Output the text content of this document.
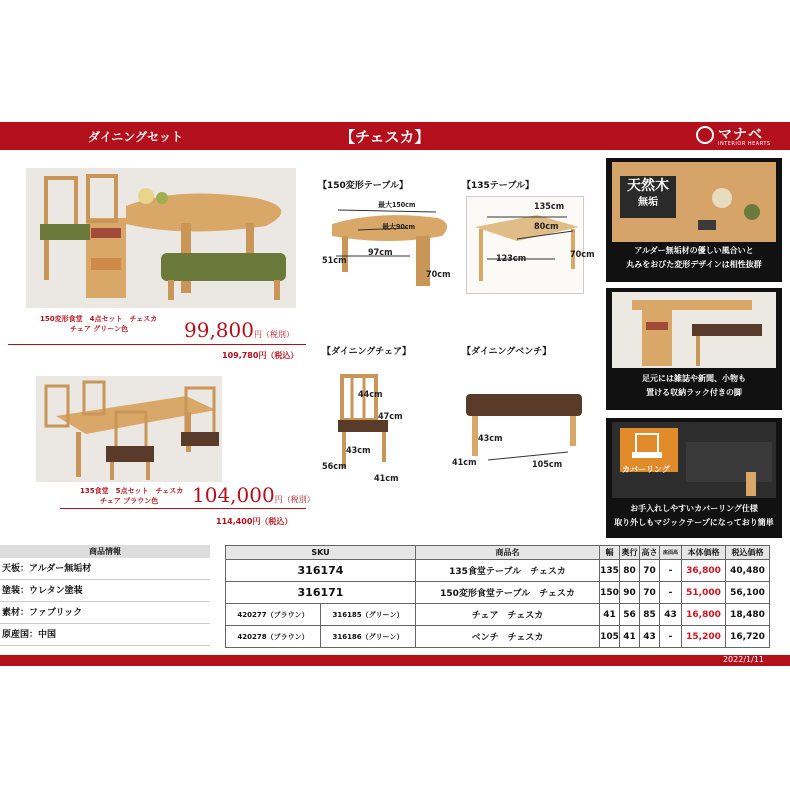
ダイニングセット	【チェスカ】	マナベ
INTERIOR HEARTS
150変形食堂　4点セット　チェスカ
チェア グリーン色	99,800円（税別）
109,780円（税込）
135食堂　5点セット　チェスカ
チェア ブラウン色	104,000円（税別）
114,400円（税込）
【150変形テーブル】
最大150cm
最大90cm
97cm
51cm
70cm
【135テーブル】
135cm
80cm
123cm	70cm
【ダイニングチェア】
44cm
47cm
43cm
56cm
41cm
【ダイニングベンチ】
43cm
41cm	105cm
天然木
無垢
アルダー無垢材の優しい風合いと
丸みをおびた変形デザインは相性抜群
足元には雑誌や新聞、小物も
置ける収納ラック付きの脚
カバーリング
お手入れしやすいカバーリング仕様
取り外しもマジックテープになっており簡単
商品情報
天板：アルダー無垢材
塗装：ウレタン塗装
素材：ファブリック
原産国：中国
SKU		商品名	幅	奥行	高さ	座面高	本体価格	税込価格
316174		135食堂テーブル　チェスカ	135	80	70	-	36,800	40,480
316171		150変形食堂テーブル　チェスカ	150	90	70	-	51,000	56,100
420277（ブラウン）	316185（グリーン）	チェア　チェスカ	41	56	85	43	16,800	18,480
420278（ブラウン）	316186（グリーン）	ベンチ　チェスカ	105	41	43	-	15,200	16,720
2022/1/11
